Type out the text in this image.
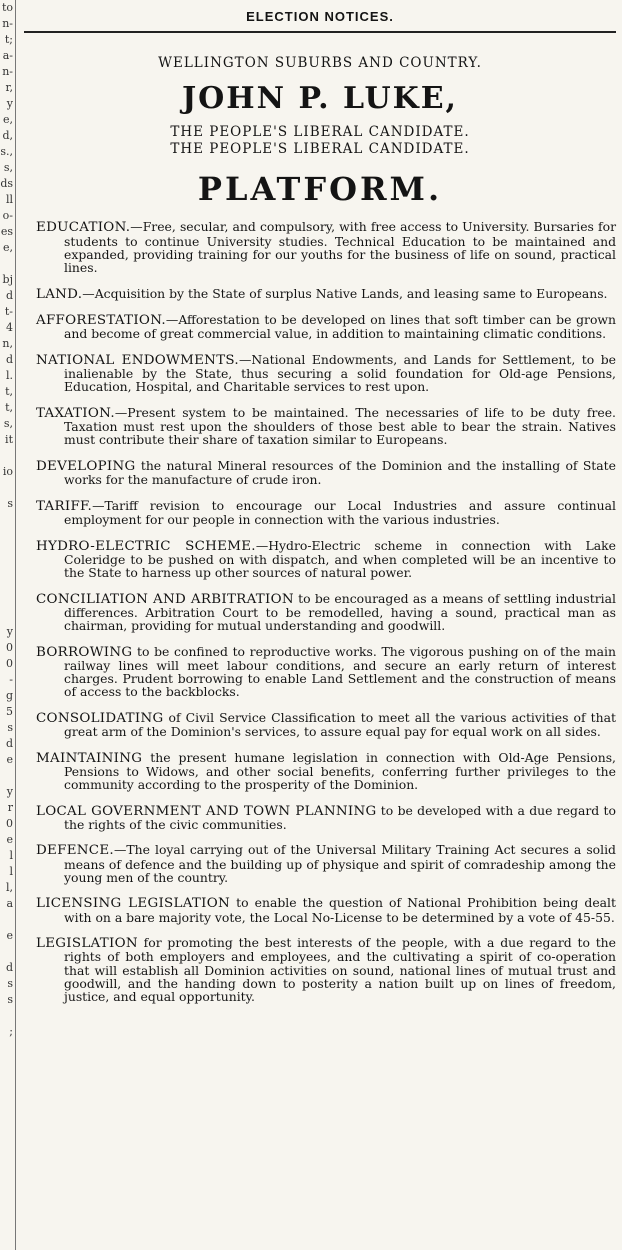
to
n-
t;
a-
n-
r,
y
e,
d,
s.,
s,
ds
ll
o-
es
e,
bj
d
t-
4
n,
d
l.
t,
t,
s,
it
io
s
y
0
0
-
g
5
s
d
e
y
r
0
e
l
l
l,
a
e
d
s
s
;
ELECTION NOTICES.
WELLINGTON SUBURBS AND COUNTRY.
JOHN P. LUKE,
THE PEOPLE'S LIBERAL CANDIDATE.
THE PEOPLE'S LIBERAL CANDIDATE.
PLATFORM.

EDUCATION.—Free, secular, and compulsory, with free access to University. Bursaries for students to continue University studies. Technical Education to be maintained and expanded, providing training for our youths for the business of life on sound, practical lines.

LAND.—Acquisition by the State of surplus Native Lands, and leasing same to Europeans.

AFFORESTATION.—Afforestation to be developed on lines that soft timber can be grown and become of great commercial value, in addition to maintaining climatic conditions.

NATIONAL ENDOWMENTS.—National Endowments, and Lands for Settlement, to be inalienable by the State, thus securing a solid foundation for Old-age Pensions, Education, Hospital, and Charitable services to rest upon.

TAXATION.—Present system to be maintained. The necessaries of life to be duty free. Taxation must rest upon the shoulders of those best able to bear the strain. Natives must contribute their share of taxation similar to Europeans.

DEVELOPING the natural Mineral resources of the Dominion and the installing of State works for the manufacture of crude iron.

TARIFF.—Tariff revision to encourage our Local Industries and assure continual employment for our people in connection with the various industries.

HYDRO-ELECTRIC SCHEME.—Hydro-Electric scheme in connection with Lake Coleridge to be pushed on with dispatch, and when completed will be an incentive to the State to harness up other sources of natural power.

CONCILIATION AND ARBITRATION to be encouraged as a means of settling industrial differences. Arbitration Court to be remodelled, having a sound, practical man as chairman, providing for mutual understanding and goodwill.

BORROWING to be confined to reproductive works. The vigorous pushing on of the main railway lines will meet labour conditions, and secure an early return of interest charges. Prudent borrowing to enable Land Settlement and the construction of means of access to the backblocks.

CONSOLIDATING of Civil Service Classification to meet all the various activities of that great arm of the Dominion's services, to assure equal pay for equal work on all sides.

MAINTAINING the present humane legislation in connection with Old-Age Pensions, Pensions to Widows, and other social benefits, conferring further privileges to the community according to the prosperity of the Dominion.

LOCAL GOVERNMENT AND TOWN PLANNING to be developed with a due regard to the rights of the civic communities.

DEFENCE.—The loyal carrying out of the Universal Military Training Act secures a solid means of defence and the building up of physique and spirit of comradeship among the young men of the country.

LICENSING LEGISLATION to enable the question of National Prohibition being dealt with on a bare majority vote, the Local No-License to be determined by a vote of 45-55.

LEGISLATION for promoting the best interests of the people, with a due regard to the rights of both employers and employees, and the cultivating a spirit of co-operation that will establish all Dominion activities on sound, national lines of mutual trust and goodwill, and the handing down to posterity a nation built up on lines of freedom, justice, and equal opportunity.
